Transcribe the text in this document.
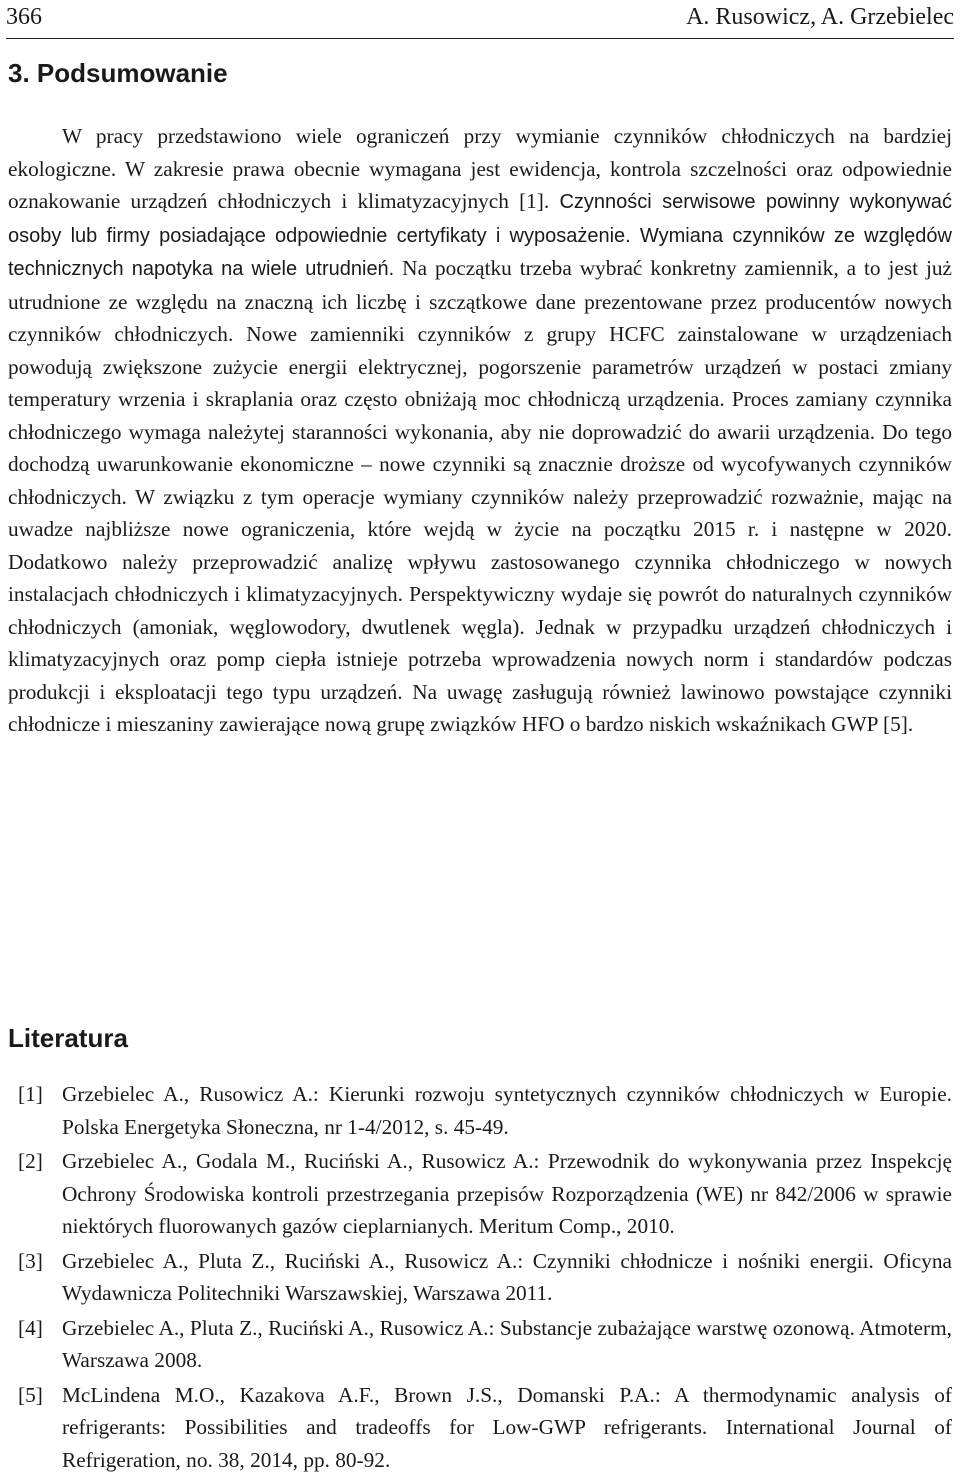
366	A. Rusowicz, A. Grzebielec
3. Podsumowanie

W pracy przedstawiono wiele ograniczeń przy wymianie czynników chłodniczych na bardziej ekologiczne. W zakresie prawa obecnie wymagana jest ewidencja, kontrola szczelności oraz odpowiednie oznakowanie urządzeń chłodniczych i klimatyzacyjnych [1]. Czynności serwisowe powinny wykonywać osoby lub firmy posiadające odpowiednie certyfikaty i wyposażenie. Wymiana czynników ze względów technicznych napotyka na wiele utrudnień. Na początku trzeba wybrać konkretny zamiennik, a to jest już utrudnione ze względu na znaczną ich liczbę i szczątkowe dane prezentowane przez producentów nowych czynników chłodniczych. Nowe zamienniki czynników z grupy HCFC zainstalowane w urządzeniach powodują zwiększone zużycie energii elektrycznej, pogorszenie parametrów urządzeń w postaci zmiany temperatury wrzenia i skraplania oraz często obniżają moc chłodniczą urządzenia. Proces zamiany czynnika chłodniczego wymaga należytej staranności wykonania, aby nie doprowadzić do awarii urządzenia. Do tego dochodzą uwarunkowanie ekonomiczne – nowe czynniki są znacznie droższe od wycofywanych czynników chłodniczych. W związku z tym operacje wymiany czynników należy przeprowadzić rozważnie, mając na uwadze najbliższe nowe ograniczenia, które wejdą w życie na początku 2015 r. i następne w 2020. Dodatkowo należy przeprowadzić analizę wpływu zastosowanego czynnika chłodniczego w nowych instalacjach chłodniczych i klimatyzacyjnych. Perspektywiczny wydaje się powrót do naturalnych czynników chłodniczych (amoniak, węglowodory, dwutlenek węgla). Jednak w przypadku urządzeń chłodniczych i klimatyzacyjnych oraz pomp ciepła istnieje potrzeba wprowadzenia nowych norm i standardów podczas produkcji i eksploatacji tego typu urządzeń. Na uwagę zasługują również lawinowo powstające czynniki chłodnicze i mieszaniny zawierające nową grupę związków HFO o bardzo niskich wskaźnikach GWP [5].

Literatura
[1] Grzebielec A., Rusowicz A.: Kierunki rozwoju syntetycznych czynników chłodniczych w Europie. Polska Energetyka Słoneczna, nr 1-4/2012, s. 45-49.
[2] Grzebielec A., Godala M., Ruciński A., Rusowicz A.: Przewodnik do wykonywania przez Inspekcję Ochrony Środowiska kontroli przestrzegania przepisów Rozporządzenia (WE) nr 842/2006 w sprawie niektórych fluorowanych gazów cieplarnianych. Meritum Comp., 2010.
[3] Grzebielec A., Pluta Z., Ruciński A., Rusowicz A.: Czynniki chłodnicze i nośniki energii. Oficyna Wydawnicza Politechniki Warszawskiej, Warszawa 2011.
[4] Grzebielec A., Pluta Z., Ruciński A., Rusowicz A.: Substancje zubażające warstwę ozonową. Atmoterm, Warszawa 2008.
[5] McLindena M.O., Kazakova A.F., Brown J.S., Domanski P.A.: A thermodynamic analysis of refrigerants: Possibilities and tradeoffs for Low-GWP refrigerants. International Journal of Refrigeration, no. 38, 2014, pp. 80-92.
